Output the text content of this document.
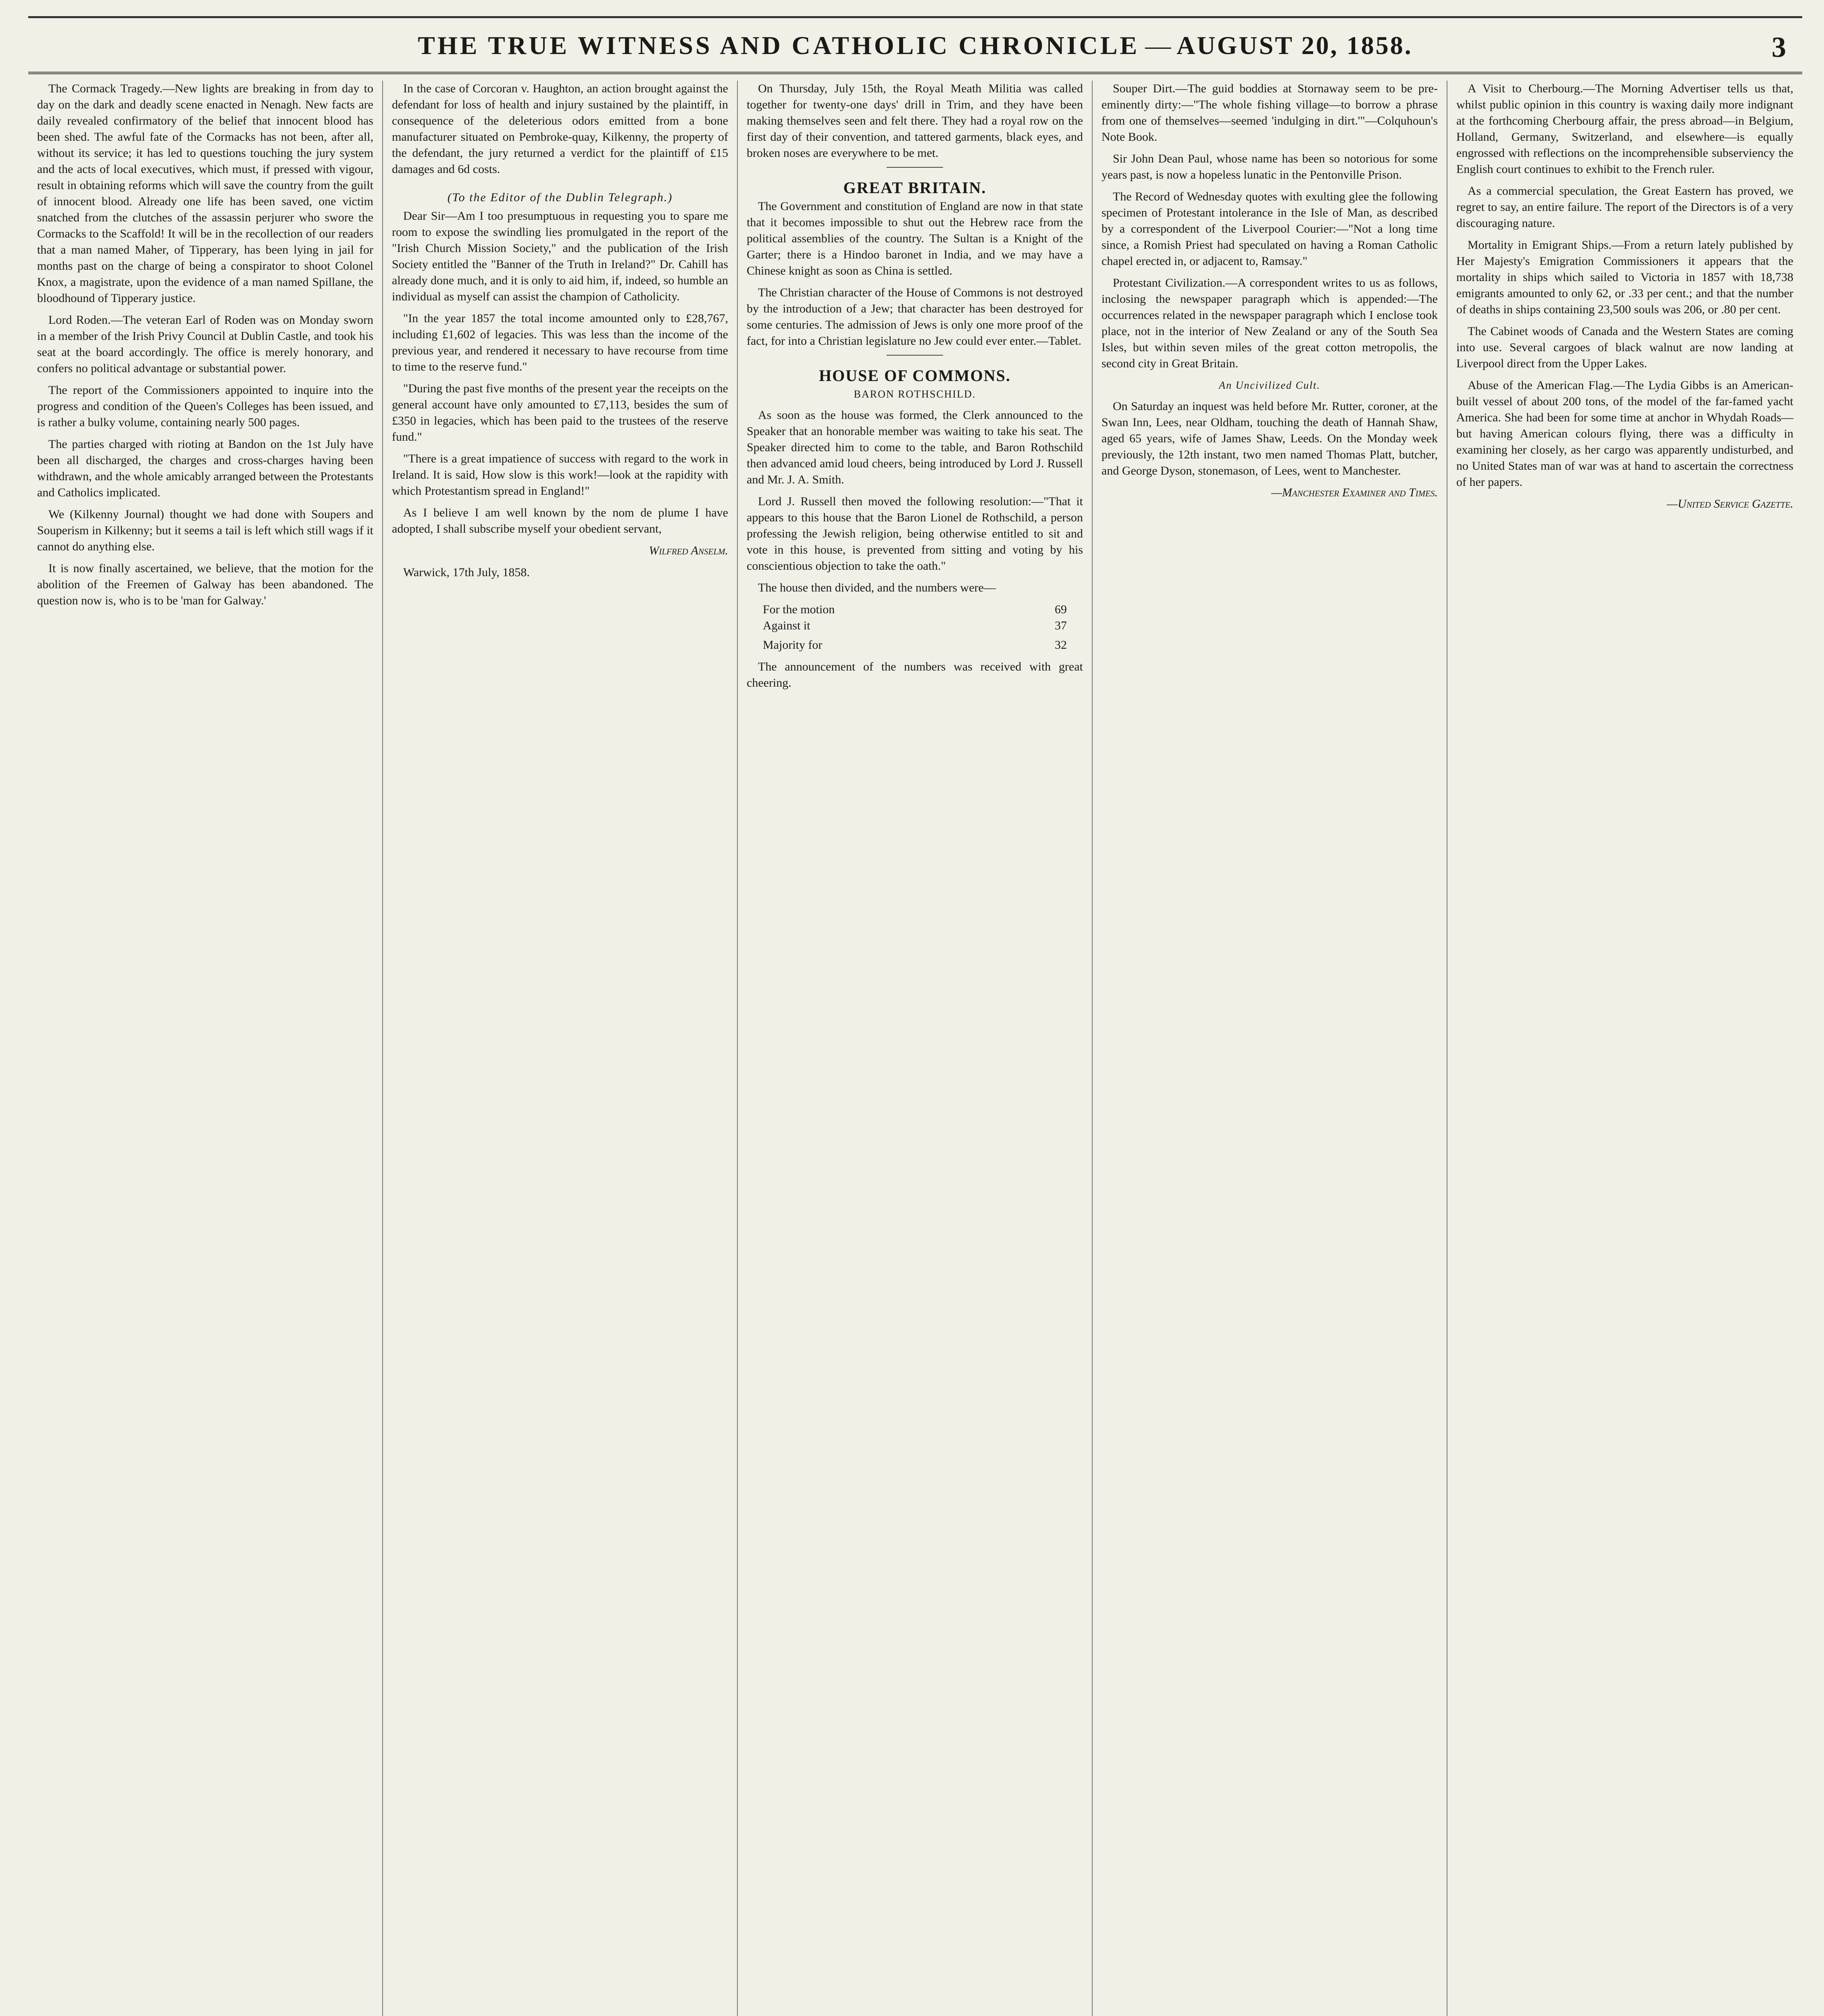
THE TRUE WITNESS AND CATHOLIC CHRONICLE — AUGUST 20, 1858.	3

The Cormack Tragedy.—New lights are breaking in from day to day on the dark and deadly scene enacted in Nenagh. New facts are daily revealed confirmatory of the belief that innocent blood has been shed. The awful fate of the Cormacks has not been, after all, without its service; it has led to questions touching the jury system and the acts of local executives, which must, if pressed with vigour, result in obtaining reforms which will save the country from the guilt of innocent blood. Already one life has been saved, one victim snatched from the clutches of the assassin perjurer who swore the Cormacks to the Scaffold! It will be in the recollection of our readers that a man named Maher, of Tipperary, has been lying in jail for months past on the charge of being a conspirator to shoot Colonel Knox, a magistrate, upon the evidence of a man named Spillane, the bloodhound of Tipperary justice.

Lord Roden.—The veteran Earl of Roden was on Monday sworn in a member of the Irish Privy Council at Dublin Castle, and took his seat at the board accordingly. The office is merely honorary, and confers no political advantage or substantial power.

The report of the Commissioners appointed to inquire into the progress and condition of the Queen's Colleges has been issued, and is rather a bulky volume, containing nearly 500 pages.

The parties charged with rioting at Bandon on the 1st July have been all discharged, the charges and cross-charges having been withdrawn, and the whole amicably arranged between the Protestants and Catholics implicated.

We (Kilkenny Journal) thought we had done with Soupers and Souperism in Kilkenny; but it seems a tail is left which still wags if it cannot do anything else.

It is now finally ascertained, we believe, that the motion for the abolition of the Freemen of Galway has been abandoned. The question now is, who is to be 'man for Galway.'

In the case of Corcoran v. Haughton, an action brought against the defendant for loss of health and injury sustained by the plaintiff, in consequence of the deleterious odors emitted from a bone manufacturer situated on Pembroke-quay, Kilkenny, the property of the defendant, the jury returned a verdict for the plaintiff of £15 damages and 6d costs.

(To the Editor of the Dublin Telegraph.)

Dear Sir—Am I too presumptuous in requesting you to spare me room to expose the swindling lies promulgated in the report of the "Irish Church Mission Society," and the publication of the Irish Society entitled the "Banner of the Truth in Ireland?" Dr. Cahill has already done much, and it is only to aid him, if, indeed, so humble an individual as myself can assist the champion of Catholicity.

"In the year 1857 the total income amounted only to £28,767, including £1,602 of legacies. This was less than the income of the previous year, and rendered it necessary to have recourse from time to time to the reserve fund."

"During the past five months of the present year the receipts on the general account have only amounted to £7,113, besides the sum of £350 in legacies, which has been paid to the trustees of the reserve fund."

"There is a great impatience of success with regard to the work in Ireland. It is said, How slow is this work!—look at the rapidity with which Protestantism spread in England!"

As I believe I am well known by the nom de plume I have adopted, I shall subscribe myself your obedient servant,

Wilfred Anselm.

Warwick, 17th July, 1858.

On Thursday, July 15th, the Royal Meath Militia was called together for twenty-one days' drill in Trim, and they have been making themselves seen and felt there. They had a royal row on the first day of their convention, and tattered garments, black eyes, and broken noses are everywhere to be met.

GREAT BRITAIN.

The Government and constitution of England are now in that state that it becomes impossible to shut out the Hebrew race from the political assemblies of the country. The Sultan is a Knight of the Garter; there is a Hindoo baronet in India, and we may have a Chinese knight as soon as China is settled.

The Christian character of the House of Commons is not destroyed by the introduction of a Jew; that character has been destroyed for some centuries. The admission of Jews is only one more proof of the fact, for into a Christian legislature no Jew could ever enter.—Tablet.

HOUSE OF COMMONS.
BARON ROTHSCHILD.

As soon as the house was formed, the Clerk announced to the Speaker that an honorable member was waiting to take his seat. The Speaker directed him to come to the table, and Baron Rothschild then advanced amid loud cheers, being introduced by Lord J. Russell and Mr. J. A. Smith.

Lord J. Russell then moved the following resolution:—"That it appears to this house that the Baron Lionel de Rothschild, a person professing the Jewish religion, being otherwise entitled to sit and vote in this house, is prevented from sitting and voting by his conscientious objection to take the oath."

The house then divided, and the numbers were—

For the motion	69
Against it	37
Majority for	32

The announcement of the numbers was received with great cheering.

Souper Dirt.—The guid boddies at Stornaway seem to be pre-eminently dirty:—"The whole fishing village—to borrow a phrase from one of themselves—seemed 'indulging in dirt.'"—Colquhoun's Note Book.

Sir John Dean Paul, whose name has been so notorious for some years past, is now a hopeless lunatic in the Pentonville Prison.

The Record of Wednesday quotes with exulting glee the following specimen of Protestant intolerance in the Isle of Man, as described by a correspondent of the Liverpool Courier:—"Not a long time since, a Romish Priest had speculated on having a Roman Catholic chapel erected in, or adjacent to, Ramsay."

Protestant Civilization.—A correspondent writes to us as follows, inclosing the newspaper paragraph which is appended:—The occurrences related in the newspaper paragraph which I enclose took place, not in the interior of New Zealand or any of the South Sea Isles, but within seven miles of the great cotton metropolis, the second city in Great Britain.

An Uncivilized Cult.

On Saturday an inquest was held before Mr. Rutter, coroner, at the Swan Inn, Lees, near Oldham, touching the death of Hannah Shaw, aged 65 years, wife of James Shaw, Leeds. On the Monday week previously, the 12th instant, two men named Thomas Platt, butcher, and George Dyson, stonemason, of Lees, went to Manchester.

—Manchester Examiner and Times.

A Visit to Cherbourg.—The Morning Advertiser tells us that, whilst public opinion in this country is waxing daily more indignant at the forthcoming Cherbourg affair, the press abroad—in Belgium, Holland, Germany, Switzerland, and elsewhere—is equally engrossed with reflections on the incomprehensible subserviency the English court continues to exhibit to the French ruler.

As a commercial speculation, the Great Eastern has proved, we regret to say, an entire failure. The report of the Directors is of a very discouraging nature.

Mortality in Emigrant Ships.—From a return lately published by Her Majesty's Emigration Commissioners it appears that the mortality in ships which sailed to Victoria in 1857 with 18,738 emigrants amounted to only 62, or .33 per cent.; and that the number of deaths in ships containing 23,500 souls was 206, or .80 per cent.

The Cabinet woods of Canada and the Western States are coming into use. Several cargoes of black walnut are now landing at Liverpool direct from the Upper Lakes.

Abuse of the American Flag.—The Lydia Gibbs is an American-built vessel of about 200 tons, of the model of the far-famed yacht America. She had been for some time at anchor in Whydah Roads—but having American colours flying, there was a difficulty in examining her closely, as her cargo was apparently undisturbed, and no United States man of war was at hand to ascertain the correctness of her papers.

—United Service Gazette.
